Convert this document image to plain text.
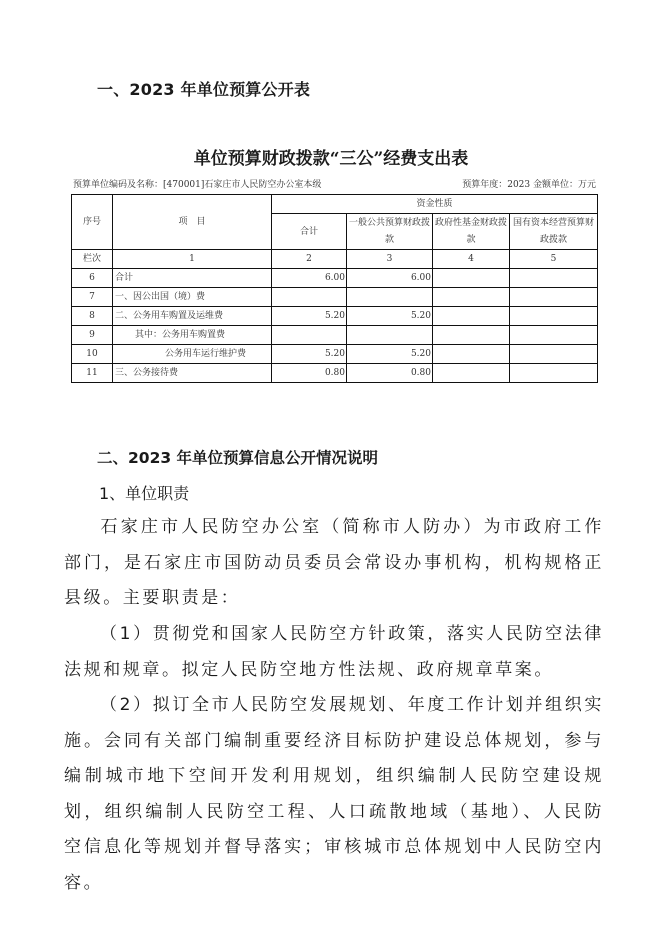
一、2023 年单位预算公开表
单位预算财政拨款“三公”经费支出表
预算单位编码及名称：[470001]石家庄市人民防空办公室本级	预算年度：2023 金额单位：万元
序号	项　目	资金性质			
		合计	一般公共预算财政拨款	政府性基金财政拨款	国有资本经营预算财政拨款
栏次	1	2	3	4	5
6	合计	6.00	6.00		
7	一、因公出国（境）费				
8	二、公务用车购置及运维费	5.20	5.20		
9	其中：公务用车购置费				
10	公务用车运行维护费	5.20	5.20		
11	三、公务接待费	0.80	0.80		
二、2023 年单位预算信息公开情况说明
1、单位职责
石家庄市人民防空办公室（简称市人防办）为市政府工作部门，是石家庄市国防动员委员会常设办事机构，机构规格正县级。主要职责是：
（1）贯彻党和国家人民防空方针政策，落实人民防空法律法规和规章。拟定人民防空地方性法规、政府规章草案。
（2）拟订全市人民防空发展规划、年度工作计划并组织实施。会同有关部门编制重要经济目标防护建设总体规划，参与编制城市地下空间开发利用规划，组织编制人民防空建设规划，组织编制人民防空工程、人口疏散地域（基地）、人民防空信息化等规划并督导落实；审核城市总体规划中人民防空内容。
